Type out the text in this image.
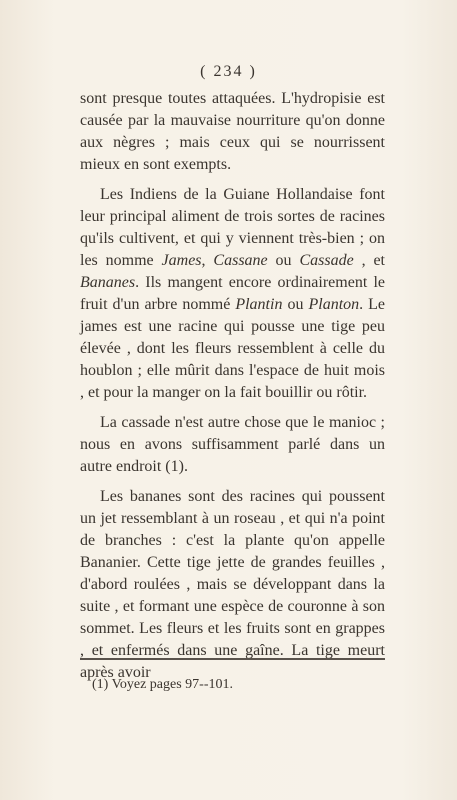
( 234 )

sont presque toutes attaquées. L'hydropisie est causée par la mauvaise nourriture qu'on donne aux nègres ; mais ceux qui se nourrissent mieux en sont exempts.

Les Indiens de la Guiane Hollandaise font leur principal aliment de trois sortes de racines qu'ils cultivent, et qui y viennent très-bien ; on les nomme James, Cassane ou Cassade , et Bananes. Ils mangent encore ordinairement le fruit d'un arbre nommé Plantin ou Planton. Le james est une racine qui pousse une tige peu élevée , dont les fleurs ressemblent à celle du houblon ; elle mûrit dans l'espace de huit mois , et pour la manger on la fait bouillir ou rôtir.

La cassade n'est autre chose que le manioc ; nous en avons suffisamment parlé dans un autre endroit (1).

Les bananes sont des racines qui poussent un jet ressemblant à un roseau , et qui n'a point de branches : c'est la plante qu'on appelle Bananier. Cette tige jette de grandes feuilles , d'abord roulées , mais se développant dans la suite , et formant une espèce de couronne à son sommet. Les fleurs et les fruits sont en grappes , et enfermés dans une gaîne. La tige meurt après avoir

(1) Voyez pages 97--101.
